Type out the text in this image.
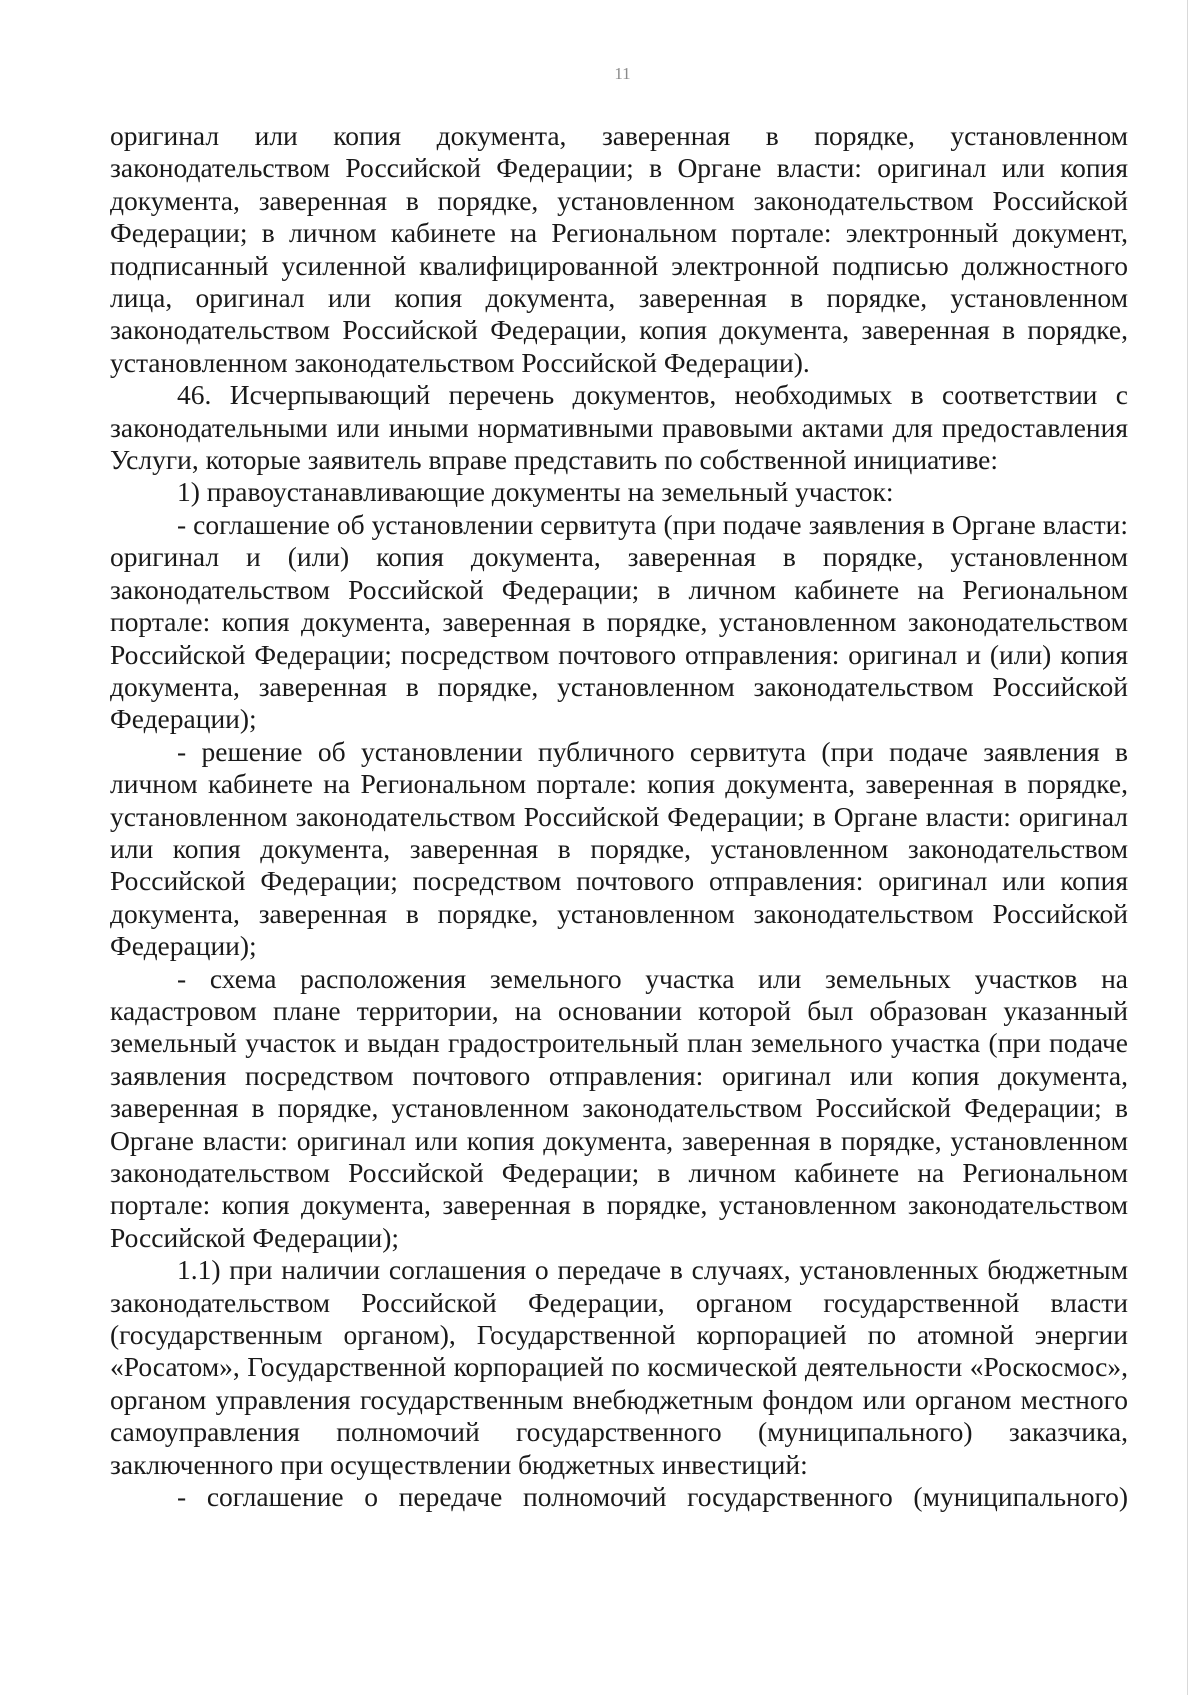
11

оригинал или копия документа, заверенная в порядке, установленном законодательством Российской Федерации; в Органе власти: оригинал или копия документа, заверенная в порядке, установленном законодательством Российской Федерации; в личном кабинете на Региональном портале: электронный документ, подписанный усиленной квалифицированной электронной подписью должностного лица, оригинал или копия документа, заверенная в порядке, установленном законодательством Российской Федерации, копия документа, заверенная в порядке, установленном законодательством Российской Федерации).

46. Исчерпывающий перечень документов, необходимых в соответствии с законодательными или иными нормативными правовыми актами для предоставления Услуги, которые заявитель вправе представить по собственной инициативе:

1) правоустанавливающие документы на земельный участок:

- соглашение об установлении сервитута (при подаче заявления в Органе власти: оригинал и (или) копия документа, заверенная в порядке, установленном законодательством Российской Федерации; в личном кабинете на Региональном портале: копия документа, заверенная в порядке, установленном законодательством Российской Федерации; посредством почтового отправления: оригинал и (или) копия документа, заверенная в порядке, установленном законодательством Российской Федерации);

- решение об установлении публичного сервитута (при подаче заявления в личном кабинете на Региональном портале: копия документа, заверенная в порядке, установленном законодательством Российской Федерации; в Органе власти: оригинал или копия документа, заверенная в порядке, установленном законодательством Российской Федерации; посредством почтового отправления: оригинал или копия документа, заверенная в порядке, установленном законодательством Российской Федерации);

- схема расположения земельного участка или земельных участков на кадастровом плане территории, на основании которой был образован указанный земельный участок и выдан градостроительный план земельного участка (при подаче заявления посредством почтового отправления: оригинал или копия документа, заверенная в порядке, установленном законодательством Российской Федерации; в Органе власти: оригинал или копия документа, заверенная в порядке, установленном законодательством Российской Федерации; в личном кабинете на Региональном портале: копия документа, заверенная в порядке, установленном законодательством Российской Федерации);

1.1) при наличии соглашения о передаче в случаях, установленных бюджетным законодательством Российской Федерации, органом государственной власти (государственным органом), Государственной корпорацией по атомной энергии «Росатом», Государственной корпорацией по космической деятельности «Роскосмос», органом управления государственным внебюджетным фондом или органом местного самоуправления полномочий государственного (муниципального) заказчика, заключенного при осуществлении бюджетных инвестиций:

- соглашение о передаче полномочий государственного (муниципального)
